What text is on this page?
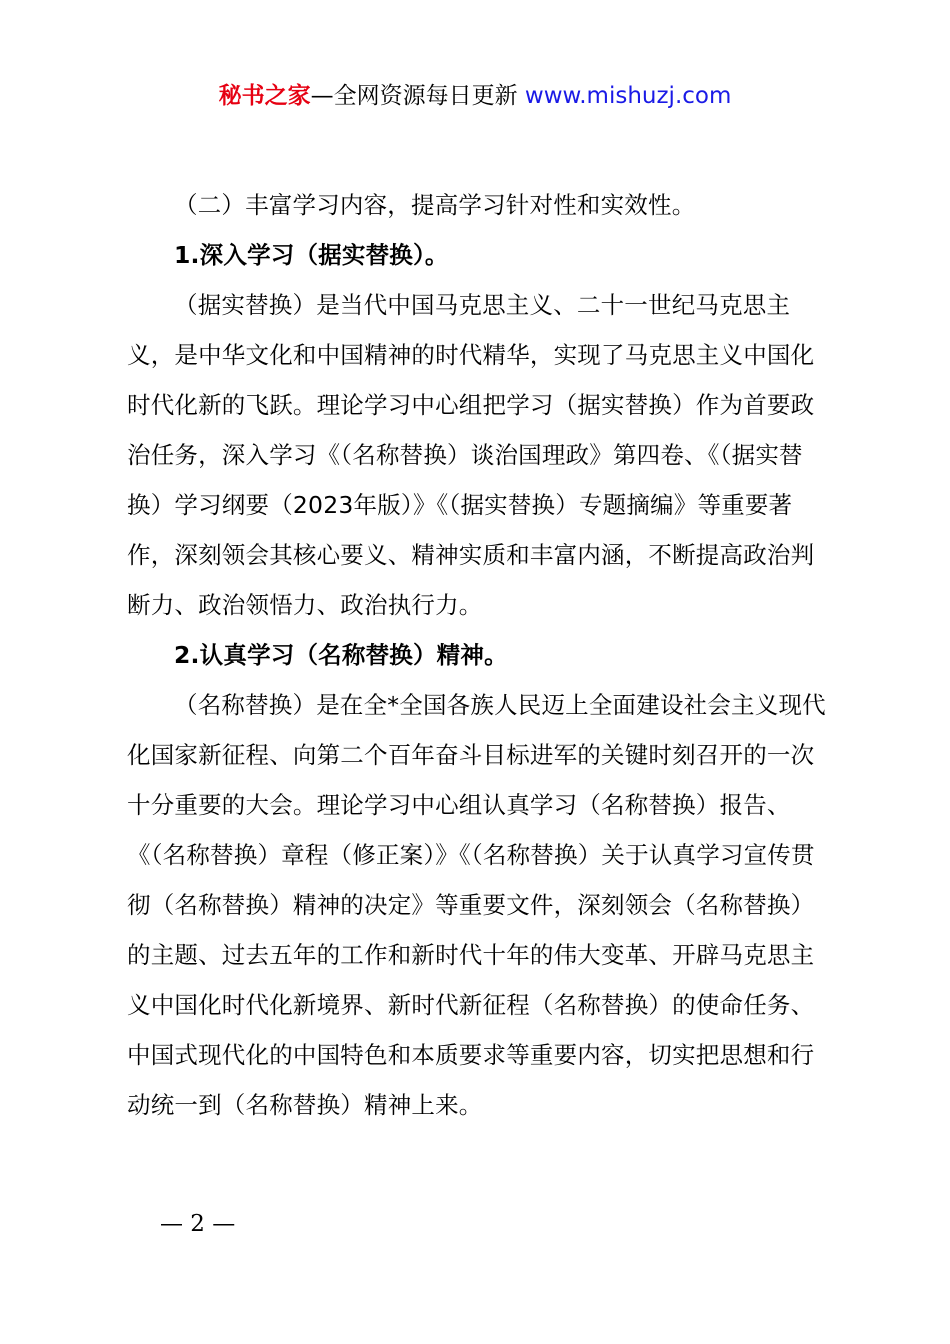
秘书之家—全网资源每日更新 www.mishuzj.com

（二）丰富学习内容，提高学习针对性和实效性。

1.深入学习（据实替换）。

（据实替换）是当代中国马克思主义、二十一世纪马克思主义，是中华文化和中国精神的时代精华，实现了马克思主义中国化时代化新的飞跃。理论学习中心组把学习（据实替换）作为首要政治任务，深入学习《（名称替换）谈治国理政》第四卷、《（据实替换）学习纲要（2023年版）》《（据实替换）专题摘编》等重要著作，深刻领会其核心要义、精神实质和丰富内涵，不断提高政治判断力、政治领悟力、政治执行力。

2.认真学习（名称替换）精神。

（名称替换）是在全*全国各族人民迈上全面建设社会主义现代化国家新征程、向第二个百年奋斗目标进军的关键时刻召开的一次十分重要的大会。理论学习中心组认真学习（名称替换）报告、《（名称替换）章程（修正案）》《（名称替换）关于认真学习宣传贯彻（名称替换）精神的决定》等重要文件，深刻领会（名称替换）的主题、过去五年的工作和新时代十年的伟大变革、开辟马克思主义中国化时代化新境界、新时代新征程（名称替换）的使命任务、中国式现代化的中国特色和本质要求等重要内容，切实把思想和行动统一到（名称替换）精神上来。

— 2 —
